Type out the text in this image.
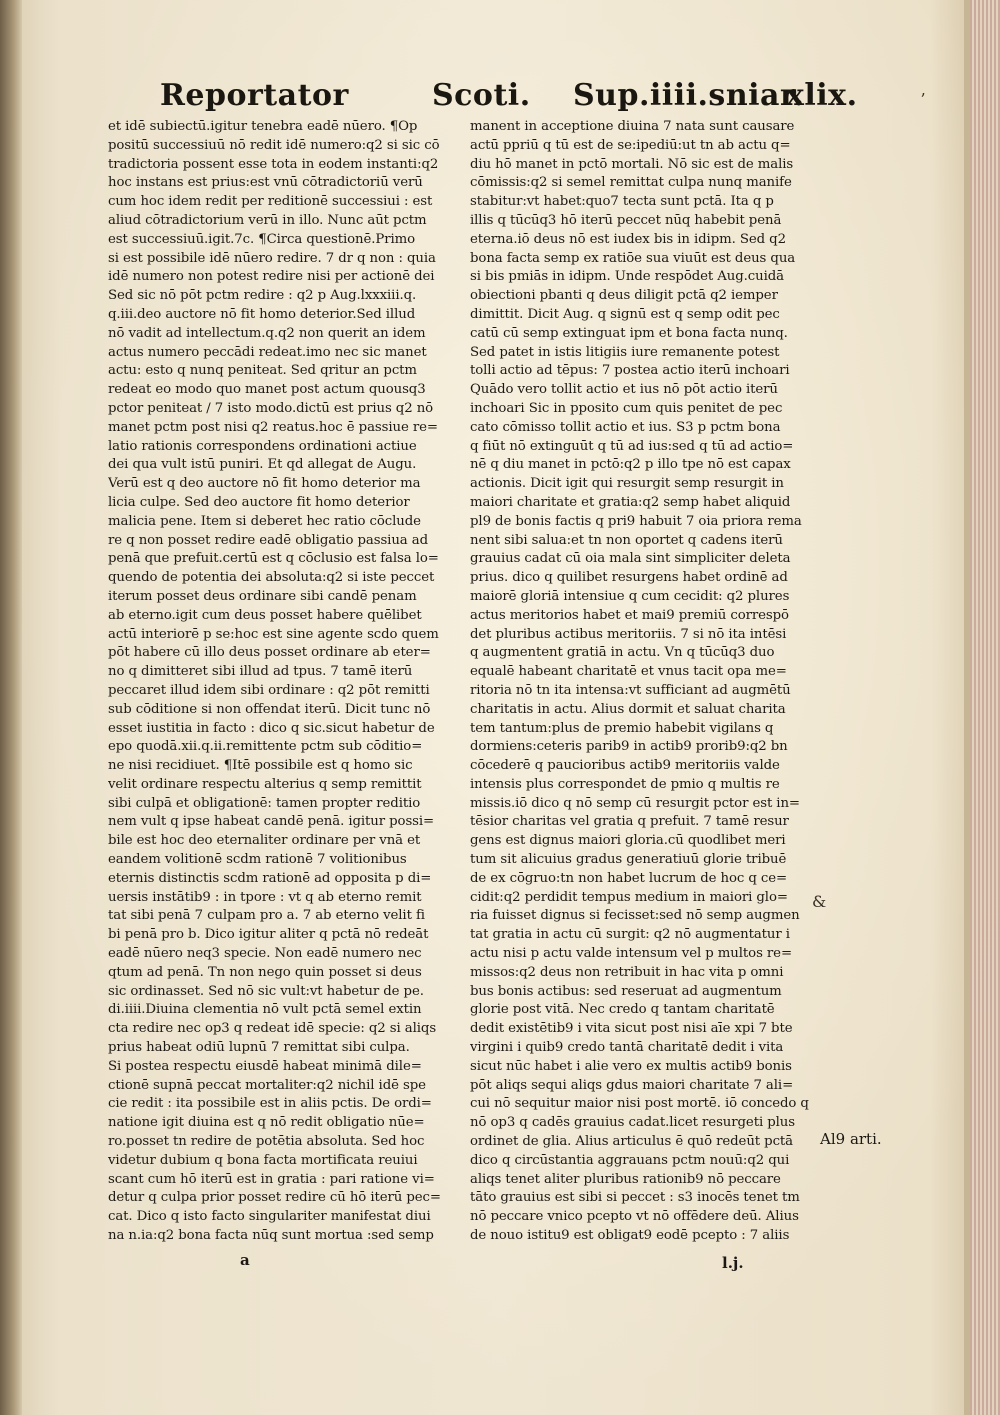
Reportator	Scoti. Sup.iiii.sniar.
xlix.
et idē subiectū.igitur tenebra eadē nūero. ¶Op
positū successiuū nō redit idē numero:q2 si sic cō
tradictoria possent esse tota in eodem instanti:q2
hoc instans est prius:est vnū cōtradictoriū verū
cum hoc idem redit per reditionē successiui : est
aliud cōtradictorium verū in illo. Nunc aūt pctm
est successiuū.igit.7c. ¶Circa questionē.Primo
si est possibile idē nūero redire. 7 dr q non : quia
idē numero non potest redire nisi per actionē dei
Sed sic nō pōt pctm redire : q2 p Aug.lxxxiii.q.
q.iii.deo auctore nō fit homo deterior.Sed illud
nō vadit ad intellectum.q.q2 non querit an idem
actus numero peccādi redeat.imo nec sic manet
actu: esto q nunq peniteat. Sed qritur an pctm
redeat eo modo quo manet post actum quousq3
pctor peniteat / 7 isto modo.dictū est prius q2 nō
manet pctm post nisi q2 reatus.hoc ē passiue re=
latio rationis correspondens ordinationi actiue
dei qua vult istū puniri. Et qd allegat de Augu.
Verū est q deo auctore nō fit homo deterior ma
licia culpe. Sed deo auctore fit homo deterior
malicia pene. Item si deberet hec ratio cōclude
re q non posset redire eadē obligatio passiua ad
penā que prefuit.certū est q cōclusio est falsa lo=
quendo de potentia dei absoluta:q2 si iste peccet
iterum posset deus ordinare sibi candē penam
ab eterno.igit cum deus posset habere quēlibet
actū interiorē p se:hoc est sine agente scdo quem
pōt habere cū illo deus posset ordinare ab eter=
no q dimitteret sibi illud ad tpus. 7 tamē iterū
peccaret illud idem sibi ordinare : q2 pōt remitti
sub cōditione si non offendat iterū. Dicit tunc nō
esset iustitia in facto : dico q sic.sicut habetur de
epo quodā.xii.q.ii.remittente pctm sub cōditio=
ne nisi recidiuet. ¶Itē possibile est q homo sic
velit ordinare respectu alterius q semp remittit
sibi culpā et obligationē: tamen propter reditio
nem vult q ipse habeat candē penā. igitur possi=
bile est hoc deo eternaliter ordinare per vnā et
eandem volitionē scdm rationē 7 volitionibus
eternis distinctis scdm rationē ad opposita p di=
uersis instātib9 : in tpore : vt q ab eterno remit
tat sibi penā 7 culpam pro a. 7 ab eterno velit fi
bi penā pro b. Dico igitur aliter q pctā nō redeāt
eadē nūero neq3 specie. Non eadē numero nec
qtum ad penā. Tn non nego quin posset si deus
sic ordinasset. Sed nō sic vult:vt habetur de pe.
di.iiii.Diuina clementia nō vult pctā semel extin
cta redire nec op3 q redeat idē specie: q2 si aliqs
prius habeat odiū lupnū 7 remittat sibi culpa.
Si postea respectu eiusdē habeat minimā dile=
ctionē supnā peccat mortaliter:q2 nichil idē spe
cie redit : ita possibile est in aliis pctis. De ordi=
natione igit diuina est q nō redit obligatio nūe=
ro.posset tn redire de potētia absoluta. Sed hoc
videtur dubium q bona facta mortificata reuiui
scant cum hō iterū est in gratia : pari ratione vi=
detur q culpa prior posset redire cū hō iterū pec=
cat. Dico q isto facto singulariter manifestat diui
na n.ia:q2 bona facta nūq sunt mortua :sed semp
manent in acceptione diuina 7 nata sunt causare
actū ppriū q tū est de se:ipediū:ut tn ab actu q=
diu hō manet in pctō mortali. Nō sic est de malis
cōmissis:q2 si semel remittat culpa nunq manife
stabitur:vt habet:quo7 tecta sunt pctā. Ita q p
illis q tūcūq3 hō iterū peccet nūq habebit penā
eterna.iō deus nō est iudex bis in idipm. Sed q2
bona facta semp ex ratiōe sua viuūt est deus qua
si bis pmiās in idipm. Unde respōdet Aug.cuidā
obiectioni pbanti q deus diligit pctā q2 iemper
dimittit. Dicit Aug. q signū est q semp odit pec
catū cū semp extinguat ipm et bona facta nunq.
Sed patet in istis litigiis iure remanente potest
tolli actio ad tēpus: 7 postea actio iterū inchoari
Quādo vero tollit actio et ius nō pōt actio iterū
inchoari Sic in pposito cum quis penitet de pec
cato cōmisso tollit actio et ius. S3 p pctm bona
q fiūt nō extinguūt q tū ad ius:sed q tū ad actio=
nē q diu manet in pctō:q2 p illo tpe nō est capax
actionis. Dicit igit qui resurgit semp resurgit in
maiori charitate et gratia:q2 semp habet aliquid
pl9 de bonis factis q pri9 habuit 7 oia priora rema
nent sibi salua:et tn non oportet q cadens iterū
grauius cadat cū oia mala sint simpliciter deleta
prius. dico q quilibet resurgens habet ordinē ad
maiorē gloriā intensiue q cum cecidit: q2 plures
actus meritorios habet et mai9 premiū correspō
det pluribus actibus meritoriis. 7 si nō ita intēsi
q augmentent gratiā in actu. Vn q tūcūq3 duo
equalē habeant charitatē et vnus tacit opa me=
ritoria nō tn ita intensa:vt sufficiant ad augmētū
charitatis in actu. Alius dormit et saluat charita
tem tantum:plus de premio habebit vigilans q
dormiens:ceteris parib9 in actib9 prorib9:q2 bn
cōcederē q paucioribus actib9 meritoriis valde
intensis plus correspondet de pmio q multis re
missis.iō dico q nō semp cū resurgit pctor est in=
tēsior charitas vel gratia q prefuit. 7 tamē resur
gens est dignus maiori gloria.cū quodlibet meri
tum sit alicuius gradus generatiuū glorie tribuē
de ex cōgruo:tn non habet lucrum de hoc q ce=
cidit:q2 perdidit tempus medium in maiori glo=
ria fuisset dignus si fecisset:sed nō semp augmen
tat gratia in actu cū surgit: q2 nō augmentatur i
actu nisi p actu valde intensum vel p multos re=
missos:q2 deus non retribuit in hac vita p omni
bus bonis actibus: sed reseruat ad augmentum
glorie post vitā. Nec credo q tantam charitatē
dedit existētib9 i vita sicut post nisi aīe xpi 7 bte
virgini i quib9 credo tantā charitatē dedit i vita
sicut nūc habet i alie vero ex multis actib9 bonis
pōt aliqs sequi aliqs gdus maiori charitate 7 ali=
cui nō sequitur maior nisi post mortē. iō concedo q
nō op3 q cadēs grauius cadat.licet resurgeti plus
ordinet de glia. Alius articulus ē quō redeūt pctā
dico q circūstantia aggrauans pctm nouū:q2 qui
aliqs tenet aliter pluribus rationib9 nō peccare
tāto grauius est sibi si peccet : s3 inocēs tenet tm
nō peccare vnico pcepto vt nō offēdere deū. Alius
de nouo istitu9 est obligat9 eodē pcepto : 7 aliis
a	l.j.
Al9 arti.
ʼ
&
